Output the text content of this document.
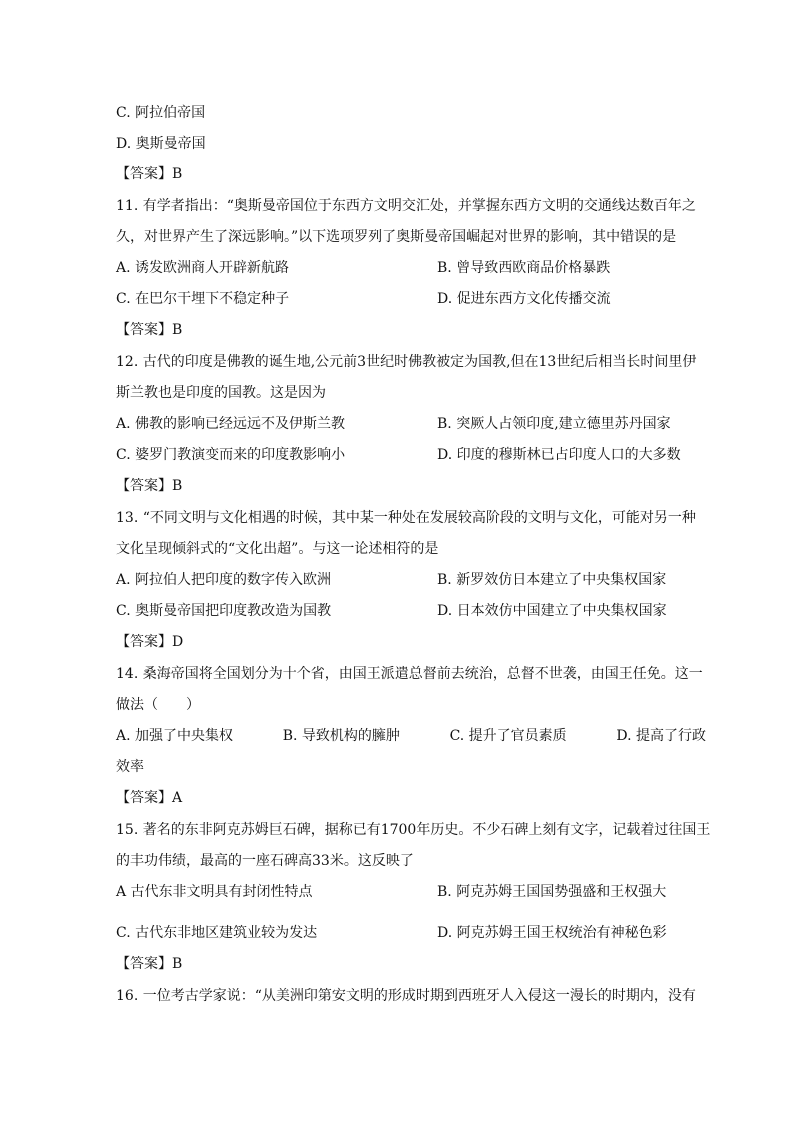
C. 阿拉伯帝国
D. 奥斯曼帝国
【答案】B
11. 有学者指出：“奥斯曼帝国位于东西方文明交汇处，并掌握东西方文明的交通线达数百年之
久，对世界产生了深远影响。”以下选项罗列了奥斯曼帝国崛起对世界的影响，其中错误的是
A. 诱发欧洲商人开辟新航路	B. 曾导致西欧商品价格暴跌
C. 在巴尔干埋下不稳定种子	D. 促进东西方文化传播交流
【答案】B
12. 古代的印度是佛教的诞生地,公元前3世纪时佛教被定为国教,但在13世纪后相当长时间里伊
斯兰教也是印度的国教。这是因为
A. 佛教的影响已经远远不及伊斯兰教	B. 突厥人占领印度,建立德里苏丹国家
C. 婆罗门教演变而来的印度教影响小	D. 印度的穆斯林已占印度人口的大多数
【答案】B
13. “不同文明与文化相遇的时候，其中某一种处在发展较高阶段的文明与文化，可能对另一种
文化呈现倾斜式的“文化出超”。与这一论述相符的是
A. 阿拉伯人把印度的数字传入欧洲	B. 新罗效仿日本建立了中央集权国家
C. 奥斯曼帝国把印度教改造为国教	D. 日本效仿中国建立了中央集权国家
【答案】D
14. 桑海帝国将全国划分为十个省，由国王派遣总督前去统治，总督不世袭，由国王任免。这一
做法（　　）
A. 加强了中央集权	B. 导致机构的臃肿	C. 提升了官员素质	D. 提高了行政
效率
【答案】A
15. 著名的东非阿克苏姆巨石碑，据称已有1700年历史。不少石碑上刻有文字，记载着过往国王
的丰功伟绩，最高的一座石碑高33米。这反映了
A 古代东非文明具有封闭性特点	B. 阿克苏姆王国国势强盛和王权强大
C. 古代东非地区建筑业较为发达	D. 阿克苏姆王国王权统治有神秘色彩
【答案】B
16. 一位考古学家说：“从美洲印第安文明的形成时期到西班牙人入侵这一漫长的时期内，没有
